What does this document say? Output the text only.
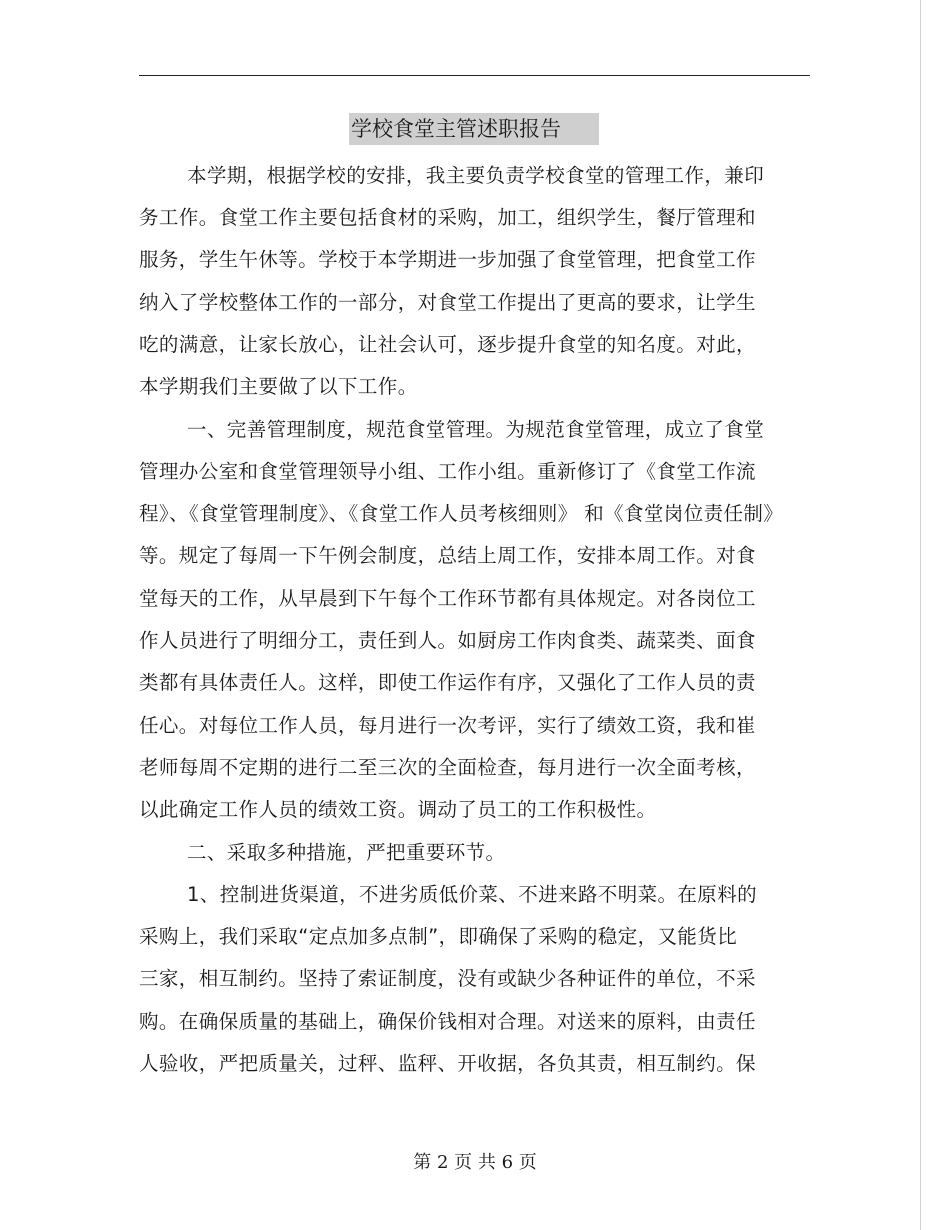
学校食堂主管述职报告
本学期，根据学校的安排，我主要负责学校食堂的管理工作，兼印
务工作。食堂工作主要包括食材的采购，加工，组织学生，餐厅管理和
服务，学生午休等。学校于本学期进一步加强了食堂管理，把食堂工作
纳入了学校整体工作的一部分，对食堂工作提出了更高的要求，让学生
吃的满意，让家长放心，让社会认可，逐步提升食堂的知名度。对此，
本学期我们主要做了以下工作。
一、完善管理制度，规范食堂管理。为规范食堂管理，成立了食堂
管理办公室和食堂管理领导小组、工作小组。重新修订了《食堂工作流
程》、《食堂管理制度》、《食堂工作人员考核细则》 和《食堂岗位责任制》
等。规定了每周一下午例会制度，总结上周工作，安排本周工作。对食
堂每天的工作，从早晨到下午每个工作环节都有具体规定。对各岗位工
作人员进行了明细分工，责任到人。如厨房工作肉食类、蔬菜类、面食
类都有具体责任人。这样，即使工作运作有序，又强化了工作人员的责
任心。对每位工作人员，每月进行一次考评，实行了绩效工资，我和崔
老师每周不定期的进行二至三次的全面检查，每月进行一次全面考核，
以此确定工作人员的绩效工资。调动了员工的工作积极性。
二、采取多种措施，严把重要环节。
1、控制进货渠道，不进劣质低价菜、不进来路不明菜。在原料的
采购上，我们采取“定点加多点制”，即确保了采购的稳定，又能货比
三家，相互制约。坚持了索证制度，没有或缺少各种证件的单位，不采
购。在确保质量的基础上，确保价钱相对合理。对送来的原料，由责任
人验收，严把质量关，过秤、监秤、开收据，各负其责，相互制约。保
第 2 页 共 6 页
